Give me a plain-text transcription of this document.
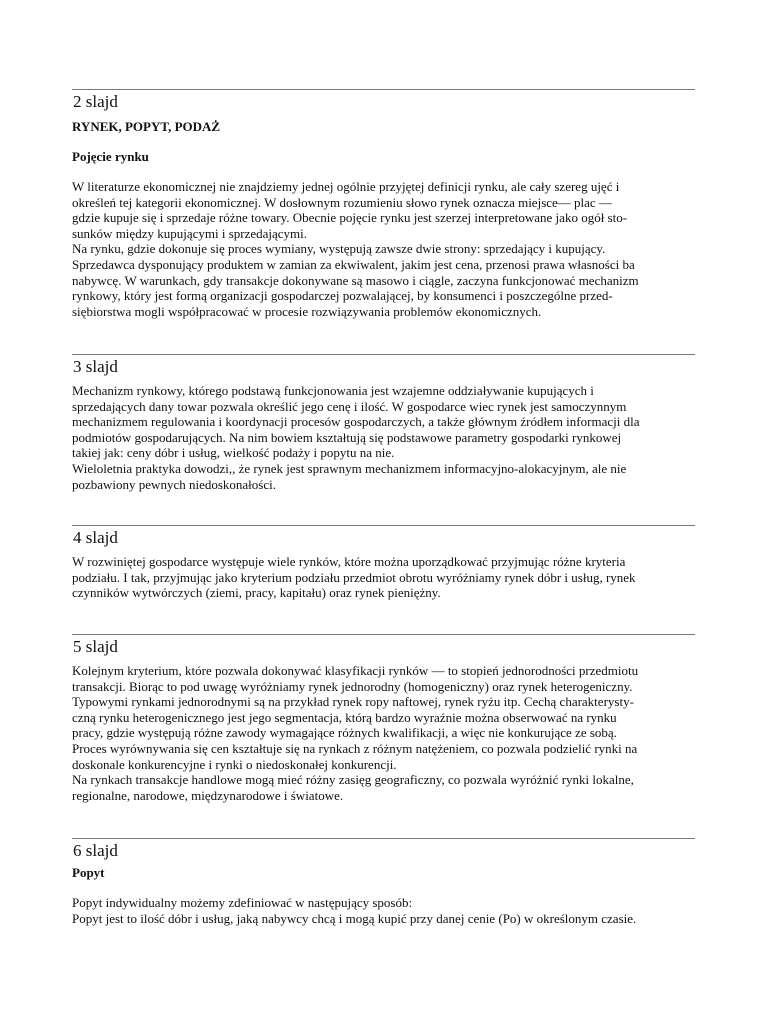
2 slajd
RYNEK, POPYT, PODAŻ
Pojęcie rynku

W literaturze ekonomicznej nie znajdziemy jednej ogólnie przyjętej definicji rynku, ale cały szereg ujęć i
określeń tej kategorii ekonomicznej. W dosłownym rozumieniu słowo rynek oznacza miejsce— plac —
gdzie kupuje się i sprzedaje różne towary. Obecnie pojęcie rynku jest szerzej interpretowane jako ogół sto-
sunków między kupującymi i sprzedającymi.
Na rynku, gdzie dokonuje się proces wymiany, występują zawsze dwie strony: sprzedający i kupujący.
Sprzedawca dysponujący produktem w zamian za ekwiwalent, jakim jest cena, przenosi prawa własności ba
nabywcę. W warunkach, gdy transakcje dokonywane są masowo i ciągle, zaczyna funkcjonować mechanizm
rynkowy, który jest formą organizacji gospodarczej pozwalającej, by konsumenci i poszczególne przed-
siębiorstwa mogli współpracować w procesie rozwiązywania problemów ekonomicznych.

3 slajd

Mechanizm rynkowy, którego podstawą funkcjonowania jest wzajemne oddziaływanie kupujących i
sprzedających dany towar pozwala określić jego cenę i ilość. W gospodarce wiec rynek jest samoczynnym
mechanizmem regulowania i koordynacji procesów gospodarczych, a także głównym źródłem informacji dla
podmiotów gospodarujących. Na nim bowiem kształtują się podstawowe parametry gospodarki rynkowej
takiej jak: ceny dóbr i usług, wielkość podaży i popytu na nie.
Wieloletnia praktyka dowodzi,, że rynek jest sprawnym mechanizmem informacyjno-alokacyjnym, ale nie
pozbawiony pewnych niedoskonałości.

4 slajd

W rozwiniętej gospodarce występuje wiele rynków, które można uporządkować przyjmując różne kryteria
podziału. I tak, przyjmując jako kryterium podziału przedmiot obrotu wyróżniamy rynek dóbr i usług, rynek
czynników wytwórczych (ziemi, pracy, kapitału) oraz rynek pieniężny.

5 slajd

Kolejnym kryterium, które pozwala dokonywać klasyfikacji rynków — to stopień jednorodności przedmiotu
transakcji. Biorąc to pod uwagę wyróżniamy rynek jednorodny (homogeniczny) oraz rynek heterogeniczny.
Typowymi rynkami jednorodnymi są na przykład rynek ropy naftowej, rynek ryżu itp. Cechą charakterysty-
czną rynku heterogenicznego jest jego segmentacja, którą bardzo wyraźnie można obserwować na rynku
pracy, gdzie występują różne zawody wymagające różnych kwalifikacji, a więc nie konkurujące ze sobą.
Proces wyrównywania się cen kształtuje się na rynkach z różnym natężeniem, co pozwala podzielić rynki na
doskonale konkurencyjne i rynki o niedoskonałej konkurencji.
Na rynkach transakcje handlowe mogą mieć różny zasięg geograficzny, co pozwala wyróżnić rynki lokalne,
regionalne, narodowe, międzynarodowe i światowe.

6 slajd
Popyt

Popyt indywidualny możemy zdefiniować w następujący sposób:
Popyt jest to ilość dóbr i usług, jaką nabywcy chcą i mogą kupić przy danej cenie (Po) w określonym czasie.
